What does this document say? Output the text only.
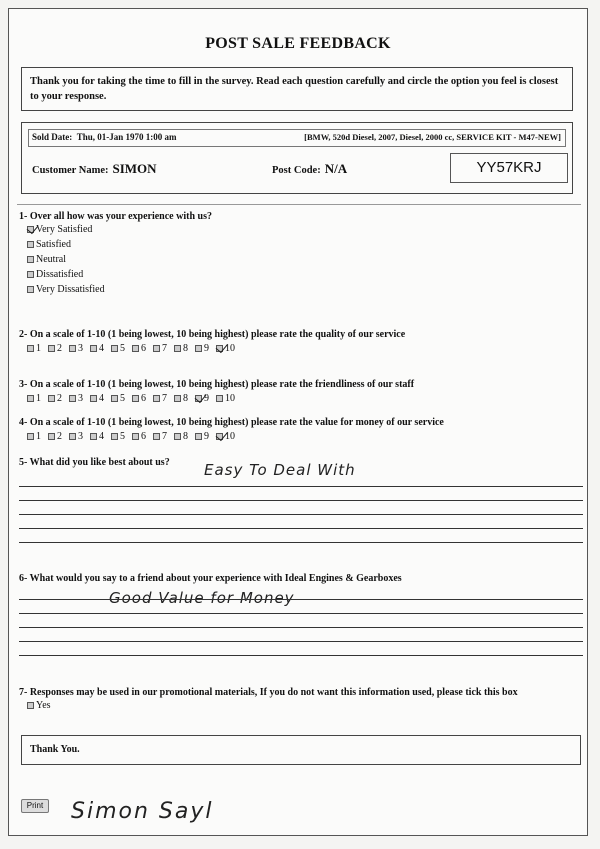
POST SALE FEEDBACK
Thank you for taking the time to fill in the survey. Read each question carefully and circle the option you feel is closest to your response.
Sold Date: Thu, 01-Jan 1970 1:00 am	[BMW, 520d Diesel, 2007, Diesel, 2000 cc, SERVICE KIT - M47-NEW]
Customer Name: SIMON	Post Code: N/A	YY57KRJ
1- Over all how was your experience with us?
Very Satisfied
Satisfied
Neutral
Dissatisfied
Very Dissatisfied
2- On a scale of 1-10 (1 being lowest, 10 being highest) please rate the quality of our service
1 2 3 4 5 6 7 8 9 10
3- On a scale of 1-10 (1 being lowest, 10 being highest) please rate the friendliness of our staff
1 2 3 4 5 6 7 8 9 10
4- On a scale of 1-10 (1 being lowest, 10 being highest) please rate the value for money of our service
1 2 3 4 5 6 7 8 9 10
5- What did you like best about us? Easy To Deal With
6- What would you say to a friend about your experience with Ideal Engines & Gearboxes
Good Value for Money
7- Responses may be used in our promotional materials, If you do not want this information used, please tick this box
Yes
Thank You.
Print Simon Sayl
